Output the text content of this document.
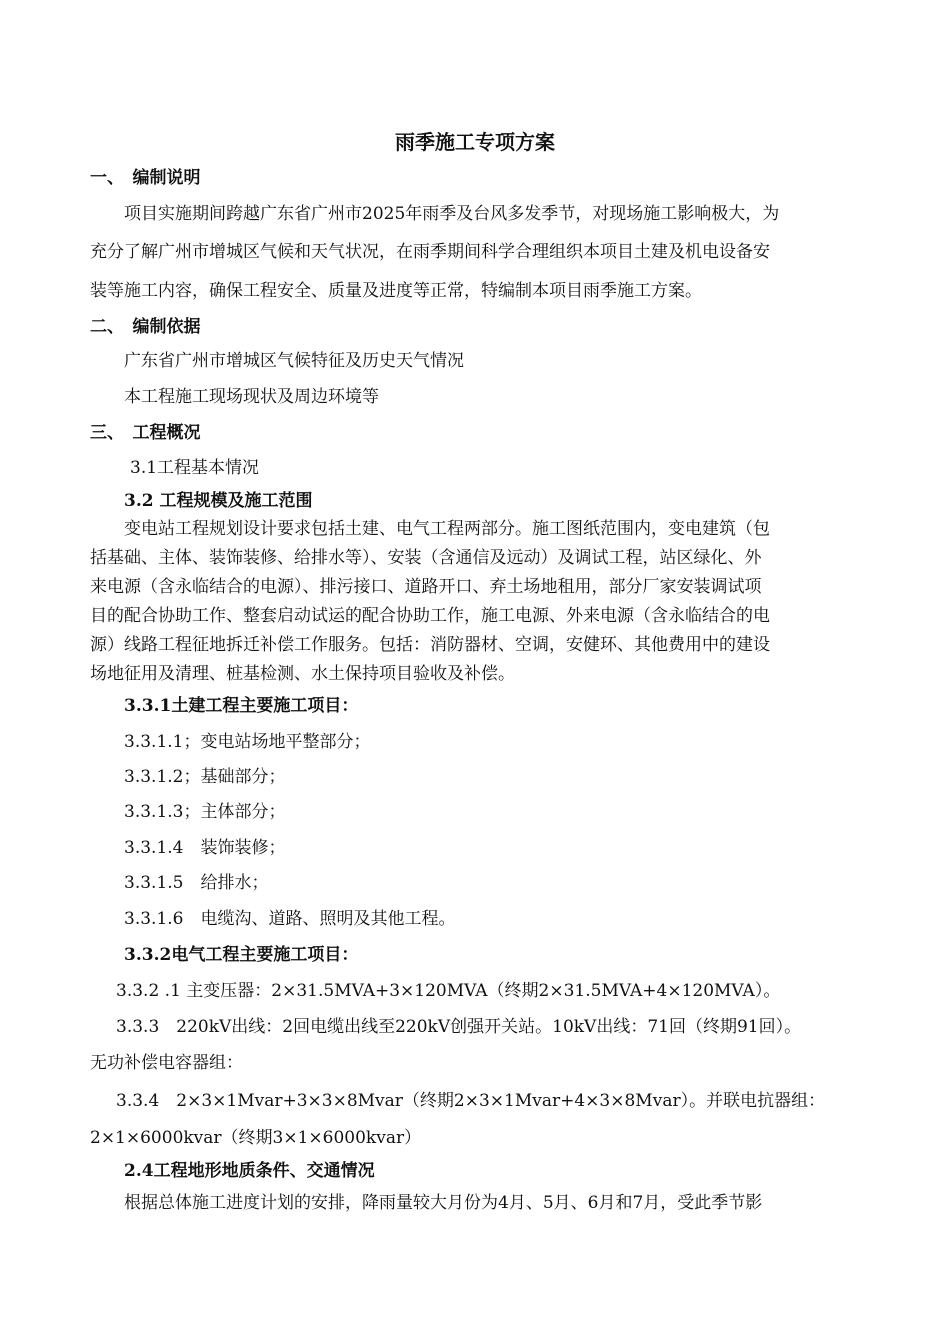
雨季施工专项方案
一、　编制说明
项目实施期间跨越广东省广州市2025年雨季及台风多发季节，对现场施工影响极大，为
充分了解广州市增城区气候和天气状况，在雨季期间科学合理组织本项目土建及机电设备安
装等施工内容，确保工程安全、质量及进度等正常，特编制本项目雨季施工方案。
二、　编制依据
广东省广州市增城区气候特征及历史天气情况
本工程施工现场现状及周边环境等
三、　工程概况
3.1工程基本情况
3.2 工程规模及施工范围
变电站工程规划设计要求包括土建、电气工程两部分。施工图纸范围内，变电建筑（包
括基础、主体、装饰装修、给排水等）、安装（含通信及远动）及调试工程，站区绿化、外
来电源（含永临结合的电源）、排污接口、道路开口、弃土场地租用，部分厂家安装调试项
目的配合协助工作、整套启动试运的配合协助工作，施工电源、外来电源（含永临结合的电
源）线路工程征地拆迁补偿工作服务。包括：消防器材、空调，安健环、其他费用中的建设
场地征用及清理、桩基检测、水土保持项目验收及补偿。
3.3.1土建工程主要施工项目：
3.3.1.1；变电站场地平整部分；
3.3.1.2；基础部分；
3.3.1.3；主体部分；
3.3.1.4　装饰装修；
3.3.1.5　给排水；
3.3.1.6　电缆沟、道路、照明及其他工程。
3.3.2电气工程主要施工项目：
3.3.2 .1 主变压器：2×31.5MVA+3×120MVA（终期2×31.5MVA+4×120MVA）。
3.3.3　220kV出线：2回电缆出线至220kV创强开关站。10kV出线：71回（终期91回）。
无功补偿电容器组：
3.3.4　2×3×1Mvar+3×3×8Mvar（终期2×3×1Mvar+4×3×8Mvar）。并联电抗器组：
2×1×6000kvar（终期3×1×6000kvar）
2.4工程地形地质条件、交通情况
根据总体施工进度计划的安排，降雨量较大月份为4月、5月、6月和7月，受此季节影
